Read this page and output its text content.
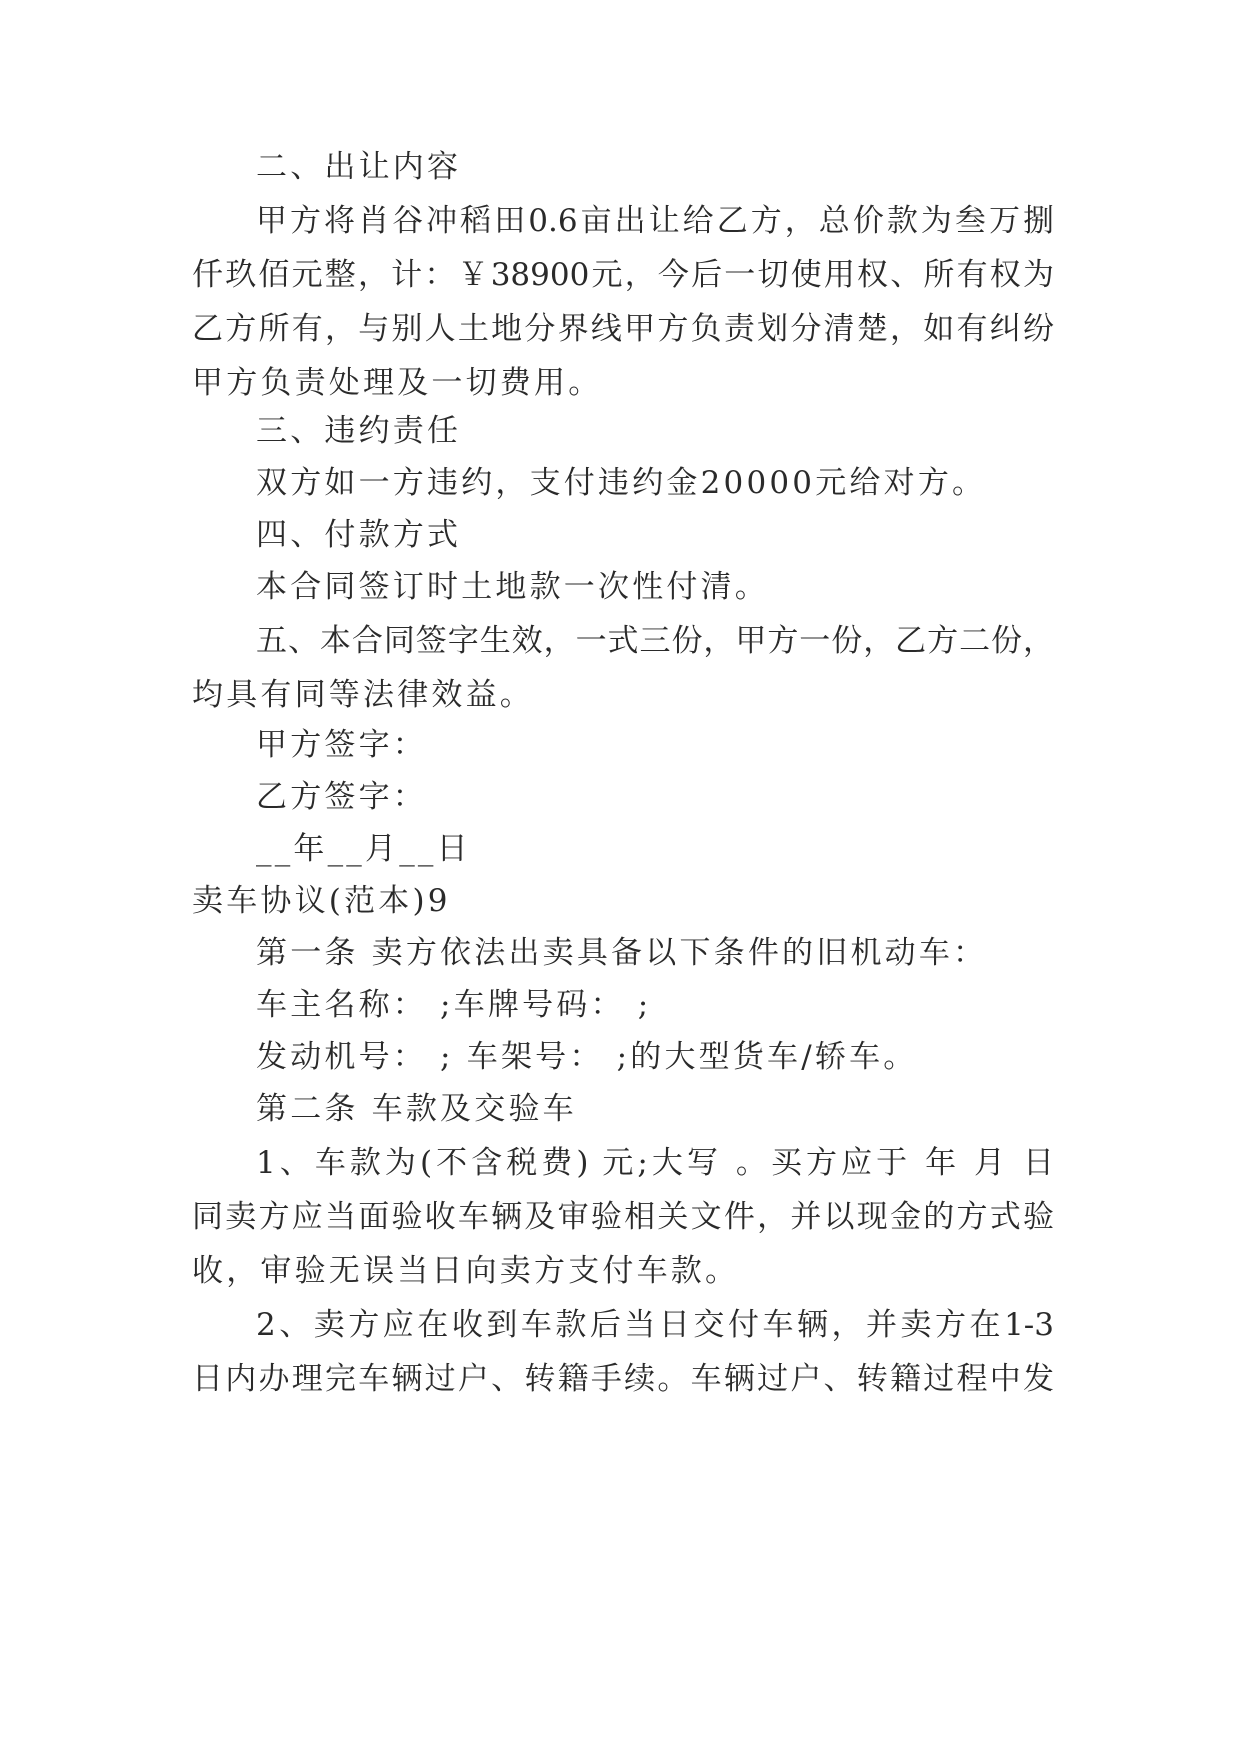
二、出让内容
甲方将肖谷冲稻田0.6亩出让给乙方，总价款为叁万捌
仟玖佰元整，计：￥38900元，今后一切使用权、所有权为
乙方所有，与别人土地分界线甲方负责划分清楚，如有纠纷
甲方负责处理及一切费用。
三、违约责任
双方如一方违约，支付违约金20000元给对方。
四、付款方式
本合同签订时土地款一次性付清。
五、本合同签字生效，一式三份，甲方一份，乙方二份，
均具有同等法律效益。
甲方签字：
乙方签字：
__年__月__日
卖车协议(范本)9
第一条 卖方依法出卖具备以下条件的旧机动车：
车主名称： ;车牌号码： ;
发动机号： ; 车架号： ;的大型货车/轿车。
第二条 车款及交验车
1、车款为(不含税费) 元;大写 。买方应于 年 月 日
同卖方应当面验收车辆及审验相关文件，并以现金的方式验
收，审验无误当日向卖方支付车款。
2、卖方应在收到车款后当日交付车辆，并卖方在1-3
日内办理完车辆过户、转籍手续。车辆过户、转籍过程中发
